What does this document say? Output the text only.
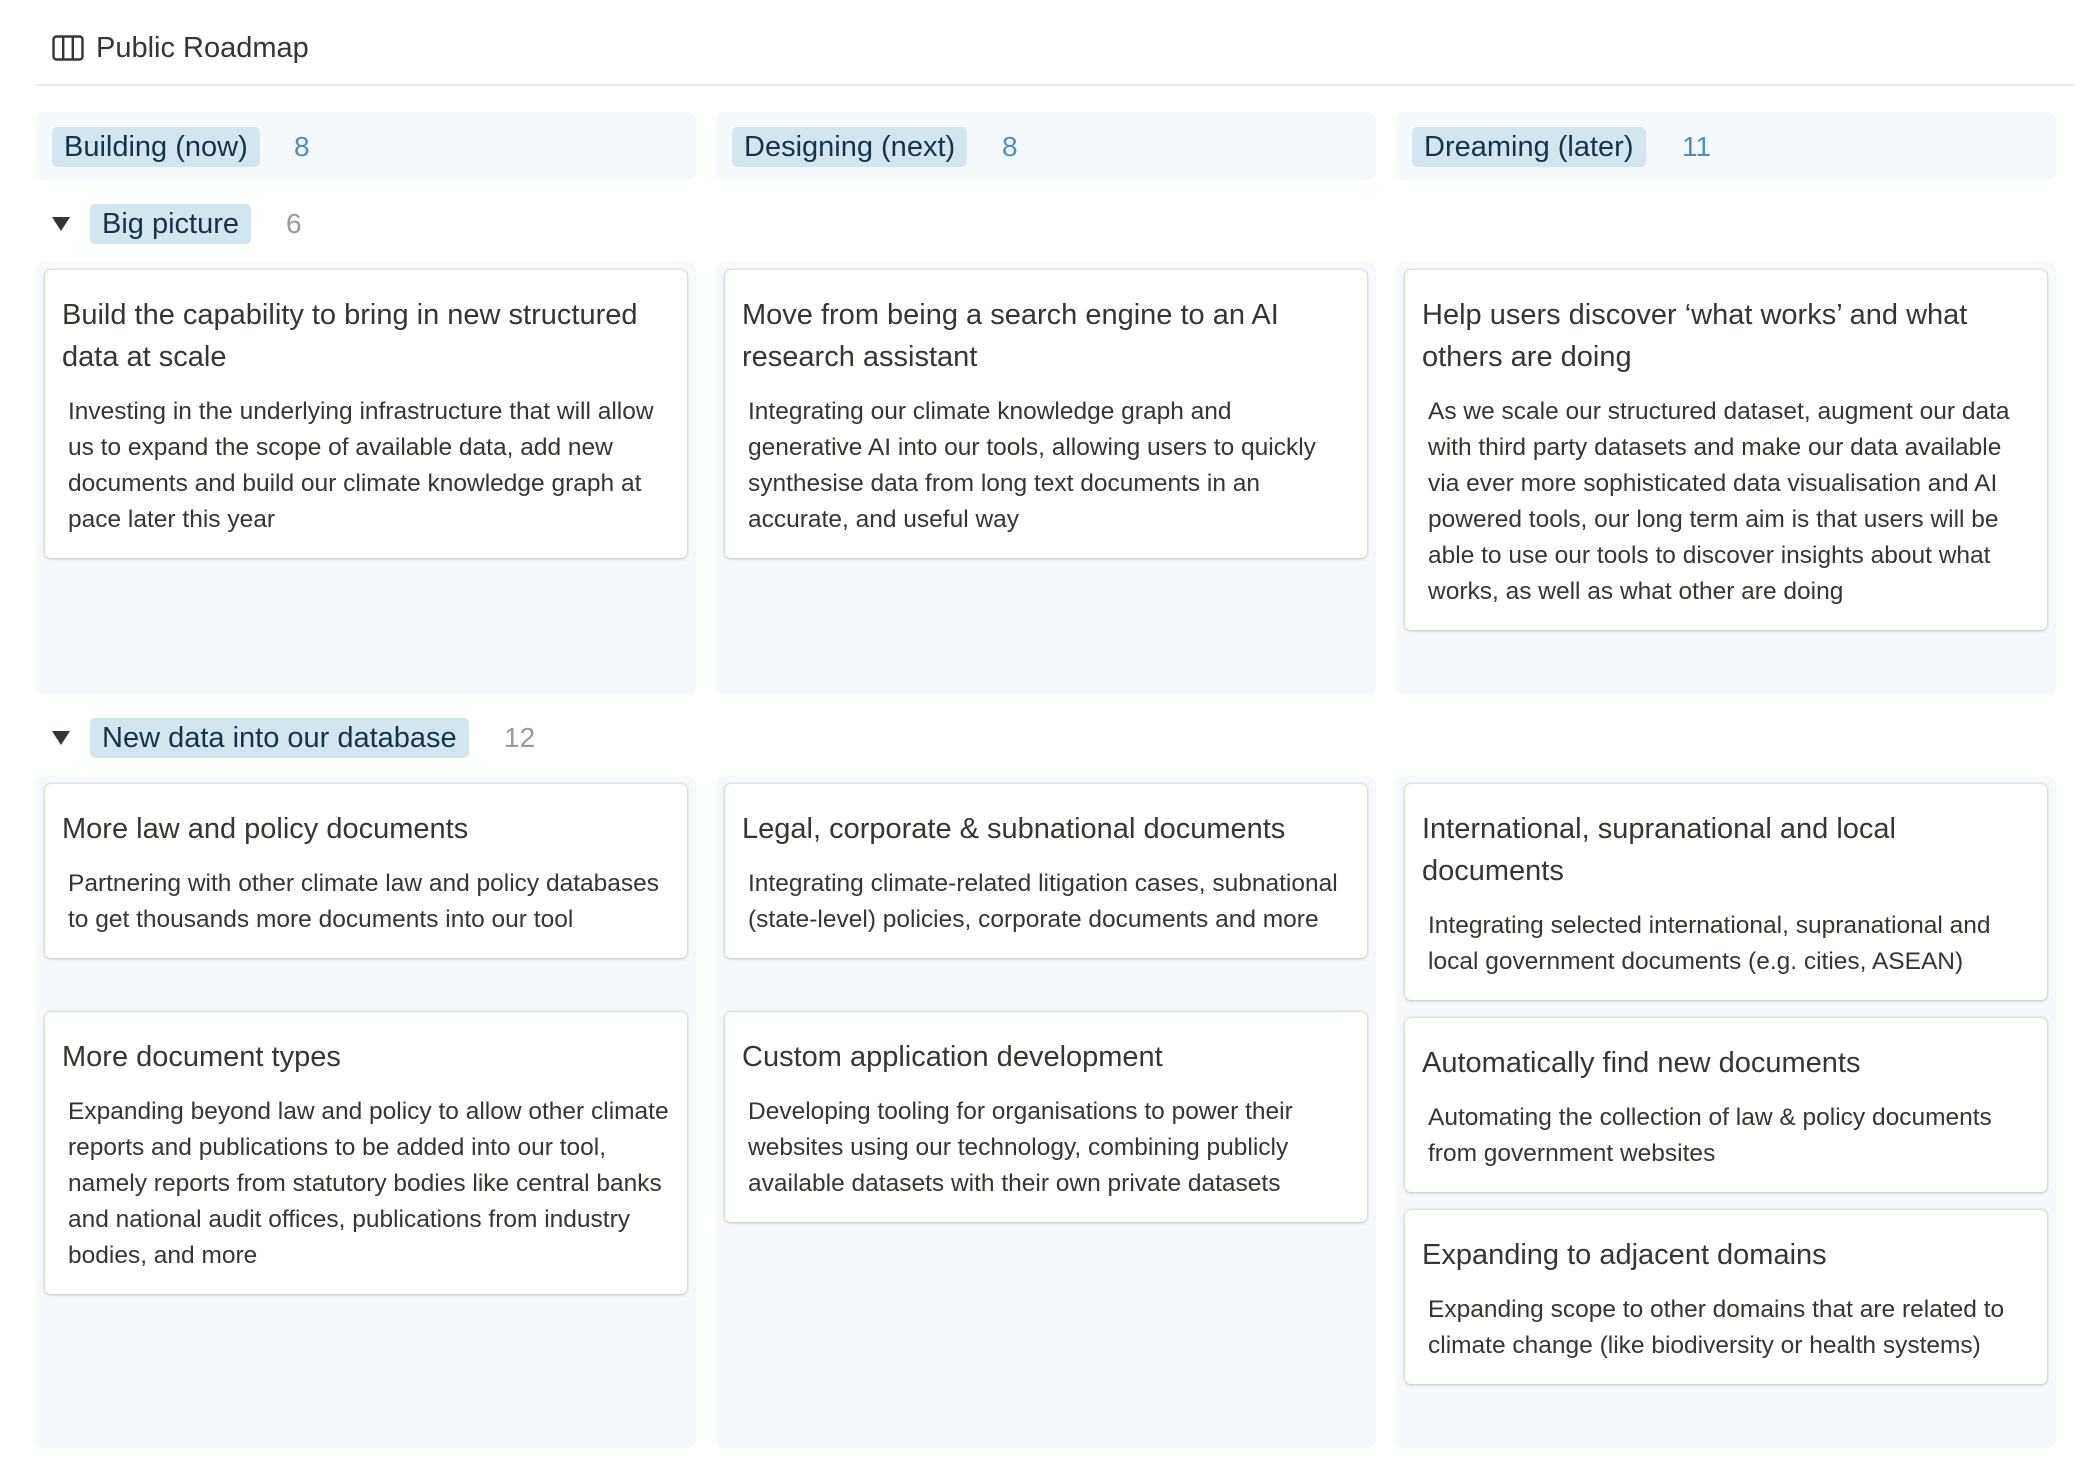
Public Roadmap
Building (now)	8	Designing (next)	8	Dreaming (later)	11
Big picture	6

Build the capability to bring in new structured data at scale

Investing in the underlying infrastructure that will allow us to expand the scope of available data, add new documents and build our climate knowledge graph at pace later this year

Move from being a search engine to an AI research assistant

Integrating our climate knowledge graph and generative AI into our tools, allowing users to quickly synthesise data from long text documents in an accurate, and useful way

Help users discover ‘what works’ and what others are doing

As we scale our structured dataset, augment our data with third party datasets and make our data available via ever more sophisticated data visualisation and AI powered tools, our long term aim is that users will be able to use our tools to discover insights about what works, as well as what other are doing

New data into our database	12

More law and policy documents

Partnering with other climate law and policy databases to get thousands more documents into our tool

More document types

Expanding beyond law and policy to allow other climate reports and publications to be added into our tool, namely reports from statutory bodies like central banks and national audit offices, publications from industry bodies, and more

Legal, corporate & subnational documents

Integrating climate-related litigation cases, subnational (state-level) policies, corporate documents and more

Custom application development

Developing tooling for organisations to power their websites using our technology, combining publicly available datasets with their own private datasets

International, supranational and local documents

Integrating selected international, supranational and local government documents (e.g. cities, ASEAN)

Automatically find new documents

Automating the collection of law & policy documents from government websites

Expanding to adjacent domains

Expanding scope to other domains that are related to climate change (like biodiversity or health systems)
